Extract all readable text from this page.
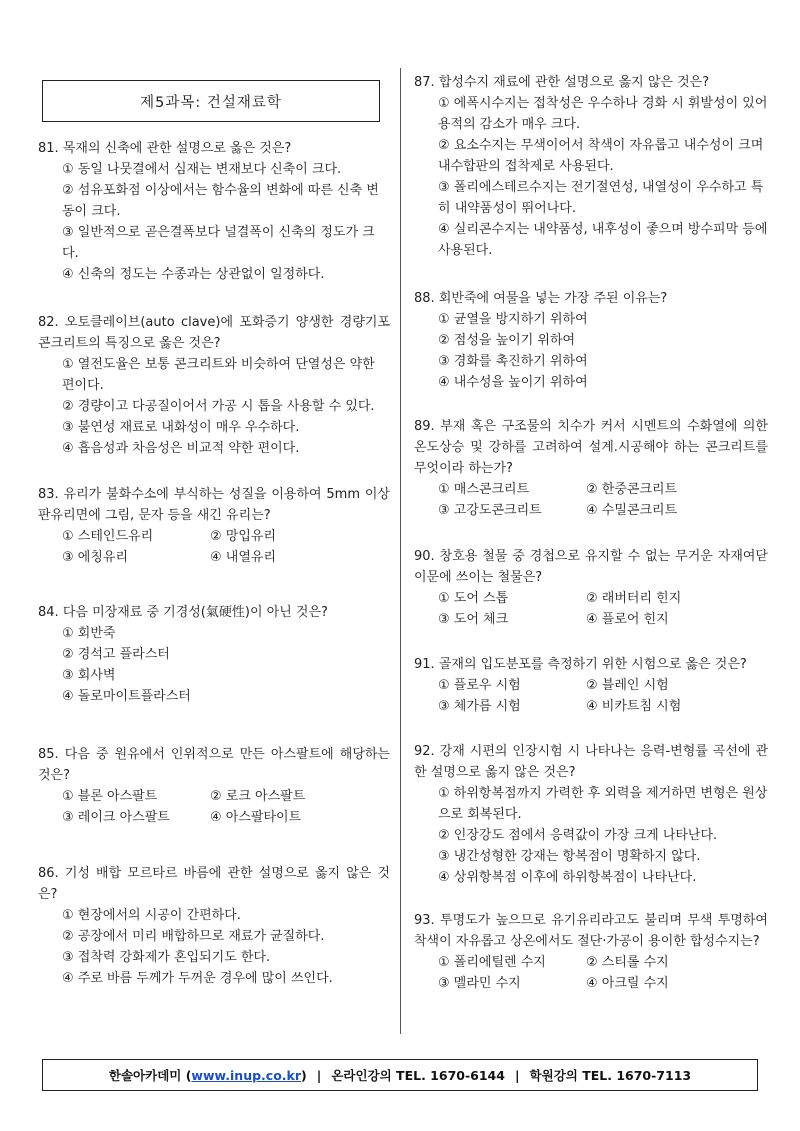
제5과목: 건설재료학

81. 목재의 신축에 관한 설명으로 옳은 것은?

① 동일 나뭇결에서 심재는 변재보다 신축이 크다.
② 섬유포화점 이상에서는 함수율의 변화에 따른 신축 변동이 크다.
③ 일반적으로 곧은결폭보다 널결폭이 신축의 정도가 크다.
④ 신축의 정도는 수종과는 상관없이 일정하다.

82. 오토클레이브(auto clave)에 포화증기 양생한 경량기포콘크리트의 특징으로 옳은 것은?

① 열전도율은 보통 콘크리트와 비슷하여 단열성은 약한 편이다.
② 경량이고 다공질이어서 가공 시 톱을 사용할 수 있다.
③ 불연성 재료로 내화성이 매우 우수하다.
④ 흡음성과 차음성은 비교적 약한 편이다.

83. 유리가 불화수소에 부식하는 성질을 이용하여 5mm 이상 판유리면에 그림, 문자 등을 새긴 유리는?

① 스테인드유리	② 망입유리
③ 에칭유리	④ 내열유리

84. 다음 미장재료 중 기경성(氣硬性)이 아닌 것은?

① 회반죽
② 경석고 플라스터
③ 회사벽
④ 돌로마이트플라스터

85. 다음 중 원유에서 인위적으로 만든 아스팔트에 해당하는 것은?

① 블론 아스팔트	② 로크 아스팔트
③ 레이크 아스팔트	④ 아스팔타이트

86. 기성 배합 모르타르 바름에 관한 설명으로 옳지 않은 것은?

① 현장에서의 시공이 간편하다.
② 공장에서 미리 배합하므로 재료가 균질하다.
③ 접착력 강화제가 혼입되기도 한다.
④ 주로 바름 두께가 두꺼운 경우에 많이 쓰인다.

87. 합성수지 재료에 관한 설명으로 옳지 않은 것은?

① 에폭시수지는 접착성은 우수하나 경화 시 휘발성이 있어 용적의 감소가 매우 크다.
② 요소수지는 무색이어서 착색이 자유롭고 내수성이 크며 내수합판의 접착제로 사용된다.
③ 폴리에스테르수지는 전기절연성, 내열성이 우수하고 특히 내약품성이 뛰어나다.
④ 실리콘수지는 내약품성, 내후성이 좋으며 방수피막 등에 사용된다.

88. 회반죽에 여물을 넣는 가장 주된 이유는?

① 균열을 방지하기 위하여
② 점성을 높이기 위하여
③ 경화를 촉진하기 위하여
④ 내수성을 높이기 위하여

89. 부재 혹은 구조물의 치수가 커서 시멘트의 수화열에 의한 온도상승 및 강하를 고려하여 설계.시공해야 하는 콘크리트를 무엇이라 하는가?

① 매스콘크리트	② 한중콘크리트
③ 고강도콘크리트	④ 수밀콘크리트

90. 창호용 철물 중 경첩으로 유지할 수 없는 무거운 자재여닫이문에 쓰이는 철물은?

① 도어 스톱	② 래버터리 힌지
③ 도어 체크	④ 플로어 힌지

91. 골재의 입도분포를 측정하기 위한 시험으로 옳은 것은?

① 플로우 시험	② 블레인 시험
③ 체가름 시험	④ 비카트침 시험

92. 강재 시편의 인장시험 시 나타나는 응력-변형률 곡선에 관한 설명으로 옳지 않은 것은?

① 하위항복점까지 가력한 후 외력을 제거하면 변형은 원상으로 회복된다.
② 인장강도 점에서 응력값이 가장 크게 나타난다.
③ 냉간성형한 강재는 항복점이 명확하지 않다.
④ 상위항복점 이후에 하위항복점이 나타난다.

93. 투명도가 높으므로 유기유리라고도 불리며 무색 투명하여 착색이 자유롭고 상온에서도 절단·가공이 용이한 합성수지는?

① 폴리에틸렌 수지	② 스티롤 수지
③ 멜라민 수지	④ 아크릴 수지
한솔아카데미 ( www.inup.co.kr ) | 온라인강의 TEL. 1670-6144 | 학원강의 TEL. 1670-7113
